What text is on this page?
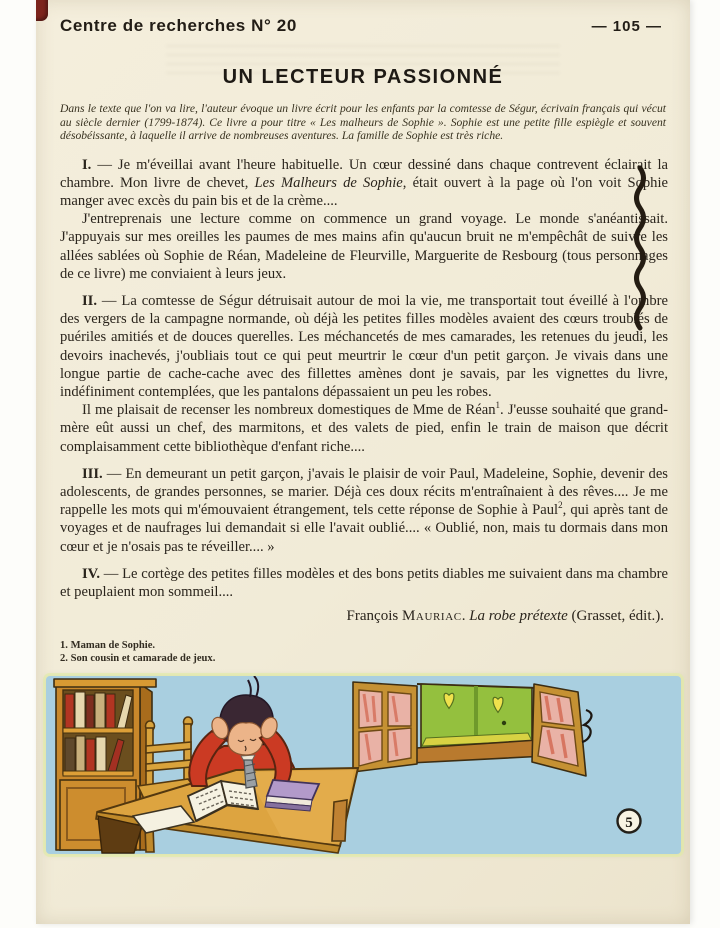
Centre de recherches N° 20	— 105 —
UN LECTEUR PASSIONNÉ

Dans le texte que l'on va lire, l'auteur évoque un livre écrit pour les enfants par la comtesse de Ségur, écrivain français qui vécut au siècle dernier (1799-1874). Ce livre a pour titre « Les malheurs de Sophie ». Sophie est une petite fille espiègle et souvent désobéissante, à laquelle il arrive de nombreuses aventures. La famille de Sophie est très riche.

I. — Je m'éveillai avant l'heure habituelle. Un cœur dessiné dans chaque contrevent éclairait la chambre. Mon livre de chevet, Les Malheurs de Sophie, était ouvert à la page où l'on voit Sophie manger avec excès du pain bis et de la crème....

J'entreprenais une lecture comme on commence un grand voyage. Le monde s'anéantissait. J'appuyais sur mes oreilles les paumes de mes mains afin qu'aucun bruit ne m'empêchât de suivre les allées sablées où Sophie de Réan, Madeleine de Fleurville, Marguerite de Resbourg (tous personnages de ce livre) me conviaient à leurs jeux.

II. — La comtesse de Ségur détruisait autour de moi la vie, me transportait tout éveillé à l'ombre des vergers de la campagne normande, où déjà les petites filles modèles avaient des cœurs troublés de puériles amitiés et de douces querelles. Les méchancetés de mes camarades, les retenues du jeudi, les devoirs inachevés, j'oubliais tout ce qui peut meurtrir le cœur d'un petit garçon. Je vivais dans une longue partie de cache-cache avec des fillettes amènes dont je savais, par les vignettes du livre, indéfiniment contemplées, que les pantalons dépassaient un peu les robes.

Il me plaisait de recenser les nombreux domestiques de Mme de Réan$^1$. J'eusse souhaité que grand-mère eût aussi un chef, des marmitons, et des valets de pied, enfin le train de maison que décrit complaisamment cette bibliothèque d'enfant riche....

III. — En demeurant un petit garçon, j'avais le plaisir de voir Paul, Madeleine, Sophie, devenir des adolescents, de grandes personnes, se marier. Déjà ces doux récits m'entraînaient à des rêves.... Je me rappelle les mots qui m'émouvaient étrangement, tels cette réponse de Sophie à Paul$^2$, qui après tant de voyages et de naufrages lui demandait si elle l'avait oublié.... « Oublié, non, mais tu dormais dans mon cœur et je n'osais pas te réveiller.... »

IV. — Le cortège des petites filles modèles et des bons petits diables me suivaient dans ma chambre et peuplaient mon sommeil....

François Mauriac. La robe prétexte (Grasset, édit.).

1. Maman de Sophie.
2. Son cousin et camarade de jeux.
5
